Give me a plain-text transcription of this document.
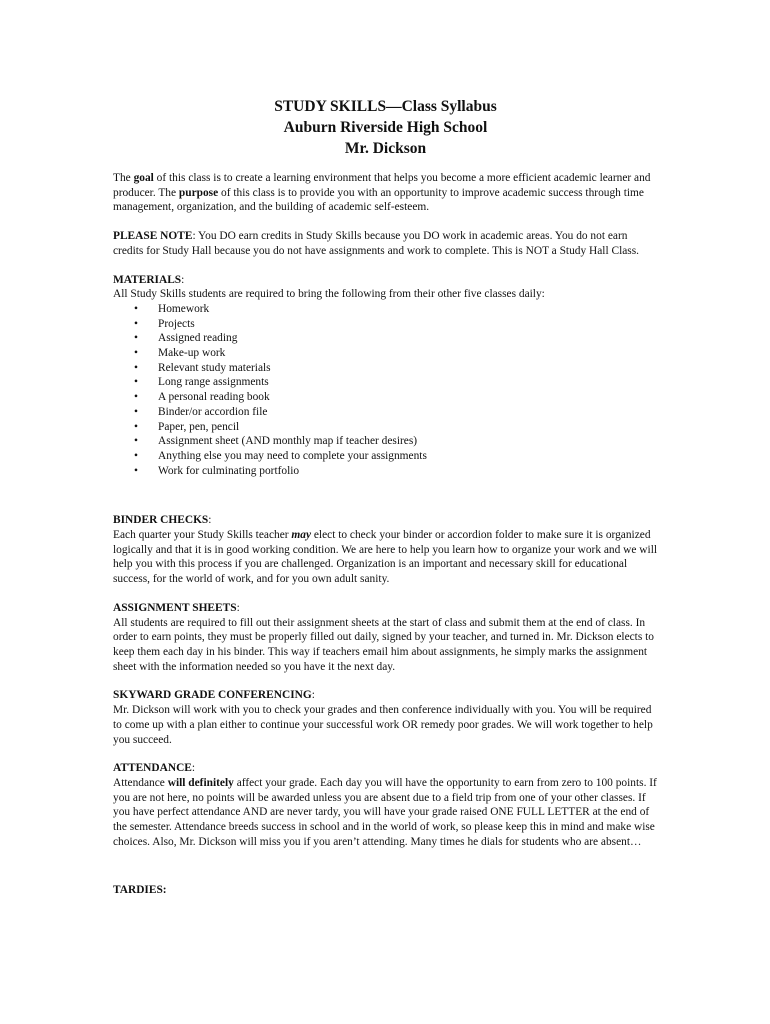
STUDY SKILLS—Class Syllabus
Auburn Riverside High School
Mr. Dickson

The goal of this class is to create a learning environment that helps you become a more efficient academic learner and producer. The purpose of this class is to provide you with an opportunity to improve academic success through time management, organization, and the building of academic self-esteem.

PLEASE NOTE: You DO earn credits in Study Skills because you DO work in academic areas. You do not earn credits for Study Hall because you do not have assignments and work to complete. This is NOT a Study Hall Class.

MATERIALS:
All Study Skills students are required to bring the following from their other five classes daily:
• Homework
• Projects
• Assigned reading
• Make-up work
• Relevant study materials
• Long range assignments
• A personal reading book
• Binder/or accordion file
• Paper, pen, pencil
• Assignment sheet (AND monthly map if teacher desires)
• Anything else you may need to complete your assignments
• Work for culminating portfolio

BINDER CHECKS:
Each quarter your Study Skills teacher may elect to check your binder or accordion folder to make sure it is organized logically and that it is in good working condition. We are here to help you learn how to organize your work and we will help you with this process if you are challenged. Organization is an important and necessary skill for educational success, for the world of work, and for you own adult sanity.

ASSIGNMENT SHEETS:
All students are required to fill out their assignment sheets at the start of class and submit them at the end of class. In order to earn points, they must be properly filled out daily, signed by your teacher, and turned in. Mr. Dickson elects to keep them each day in his binder. This way if teachers email him about assignments, he simply marks the assignment sheet with the information needed so you have it the next day.

SKYWARD GRADE CONFERENCING:
Mr. Dickson will work with you to check your grades and then conference individually with you. You will be required to come up with a plan either to continue your successful work OR remedy poor grades. We will work together to help you succeed.

ATTENDANCE:
Attendance will definitely affect your grade. Each day you will have the opportunity to earn from zero to 100 points. If you are not here, no points will be awarded unless you are absent due to a field trip from one of your other classes. If you have perfect attendance AND are never tardy, you will have your grade raised ONE FULL LETTER at the end of the semester. Attendance breeds success in school and in the world of work, so please keep this in mind and make wise choices. Also, Mr. Dickson will miss you if you aren’t attending. Many times he dials for students who are absent…

TARDIES:
